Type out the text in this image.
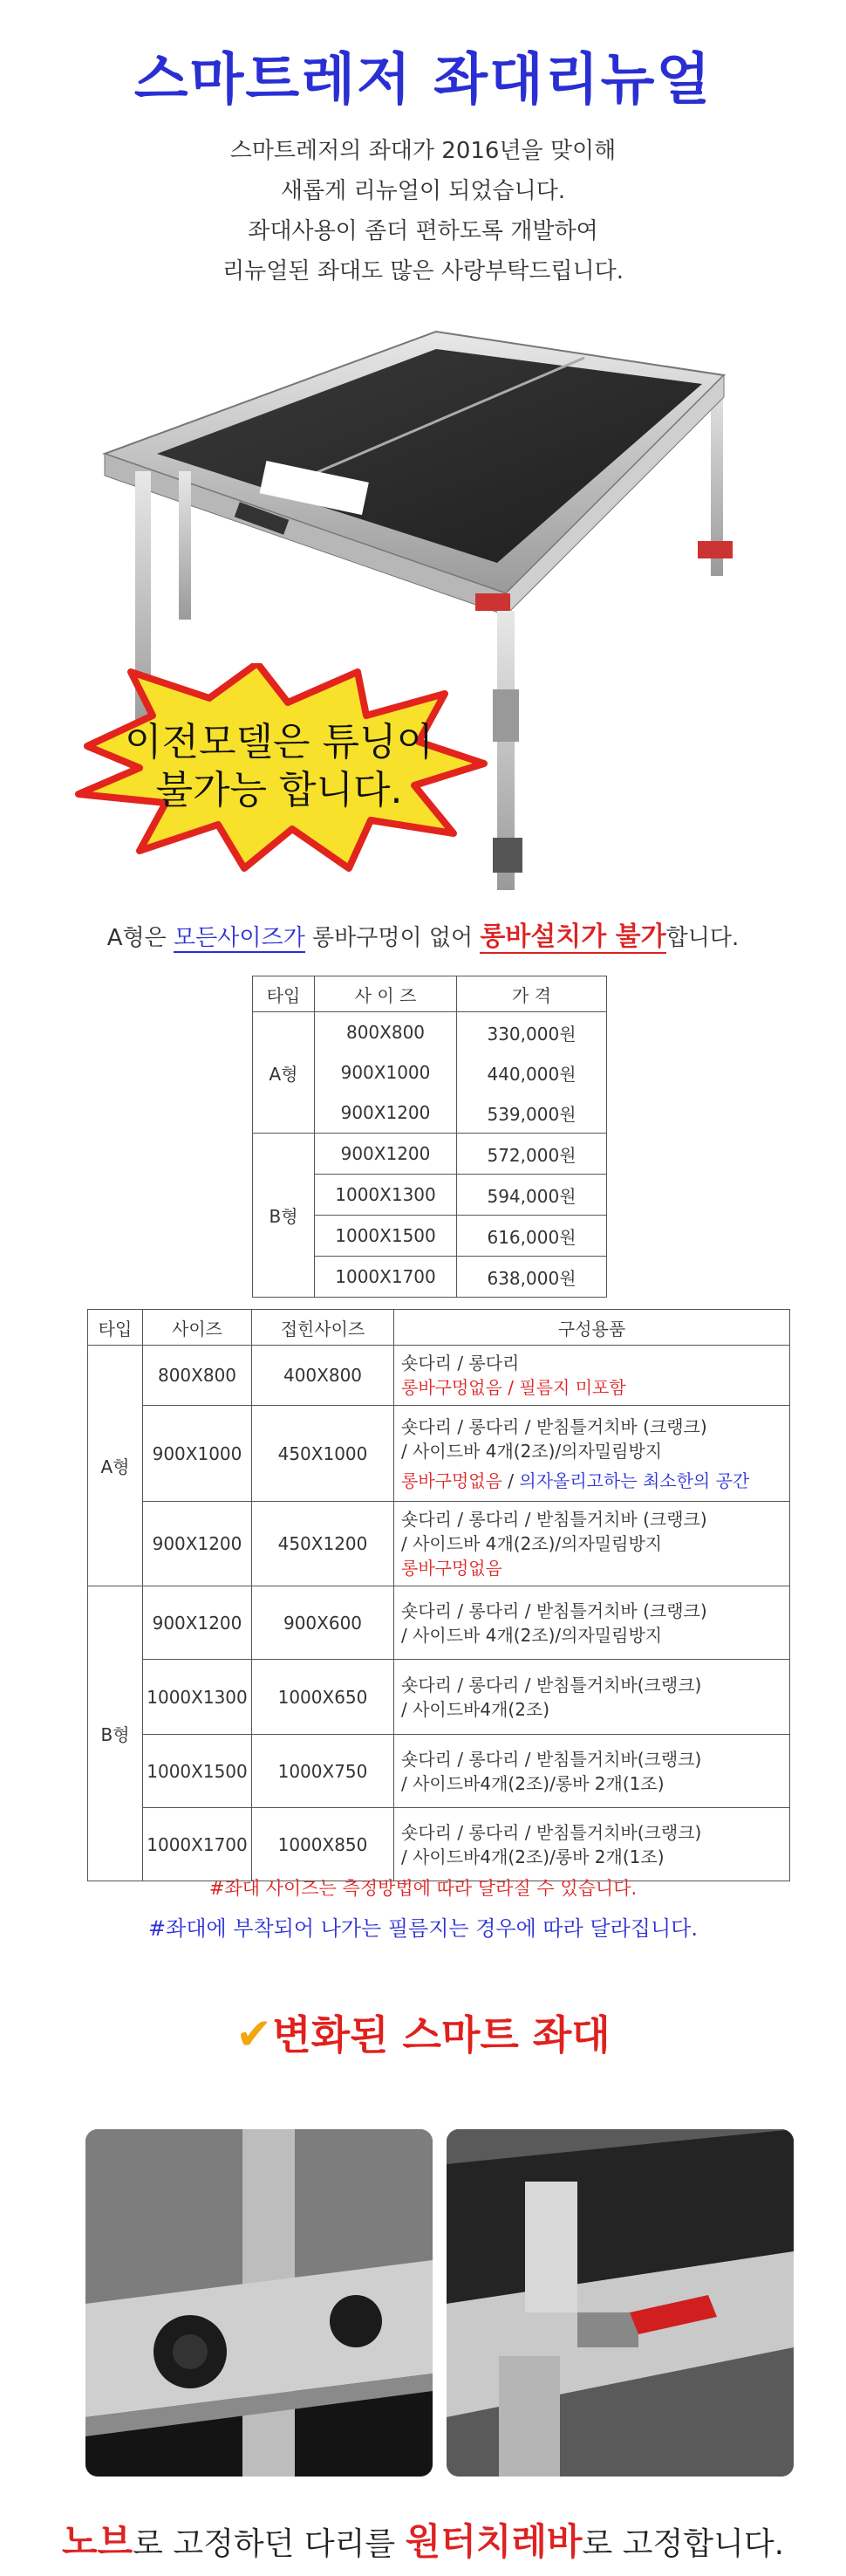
스마트레저 좌대리뉴얼
스마트레저의 좌대가 2016년을 맞이해
새롭게 리뉴얼이 되었습니다.
좌대사용이 좀더 편하도록 개발하여
리뉴얼된 좌대도 많은 사랑부탁드립니다.
이전모델은 튜닝이
불가능 합니다.
A형은 모든사이즈가 롱바구멍이 없어 롱바설치가 불가합니다.
타입	사 이 즈	가 격
A형	800X800	330,000원
	900X1000	440,000원
	900X1200	539,000원
B형	900X1200	572,000원
	1000X1300	594,000원
	1000X1500	616,000원
	1000X1700	638,000원
타입	사이즈	접힌사이즈	구성용품
A형	800X800	400X800	숏다리 / 롱다리
롱바구멍없음 / 필름지 미포함

	900X1000	450X1000	숏다리 / 롱다리 / 받침틀거치바 (크랭크)
/ 사이드바 4개(2조)/의자밀림방지
롱바구멍없음 / 의자올리고하는 최소한의 공간

	900X1200	450X1200	숏다리 / 롱다리 / 받침틀거치바 (크랭크)
/ 사이드바 4개(2조)/의자밀림방지
롱바구멍없음

B형	900X1200	900X600	숏다리 / 롱다리 / 받침틀거치바 (크랭크)
/ 사이드바 4개(2조)/의자밀림방지

	1000X1300	1000X650	숏다리 / 롱다리 / 받침틀거치바(크랭크)
/ 사이드바4개(2조)

	1000X1500	1000X750	숏다리 / 롱다리 / 받침틀거치바(크랭크)
/ 사이드바4개(2조)/롱바 2개(1조)

	1000X1700	1000X850	숏다리 / 롱다리 / 받침틀거치바(크랭크)
/ 사이드바4개(2조)/롱바 2개(1조)
#좌대 사이즈는 측정방법에 따라 달라질 수 있습니다.
#좌대에 부착되어 나가는 필름지는 경우에 따라 달라집니다.
✔변화된 스마트 좌대
노브로 고정하던 다리를 원터치레바로 고정합니다.
